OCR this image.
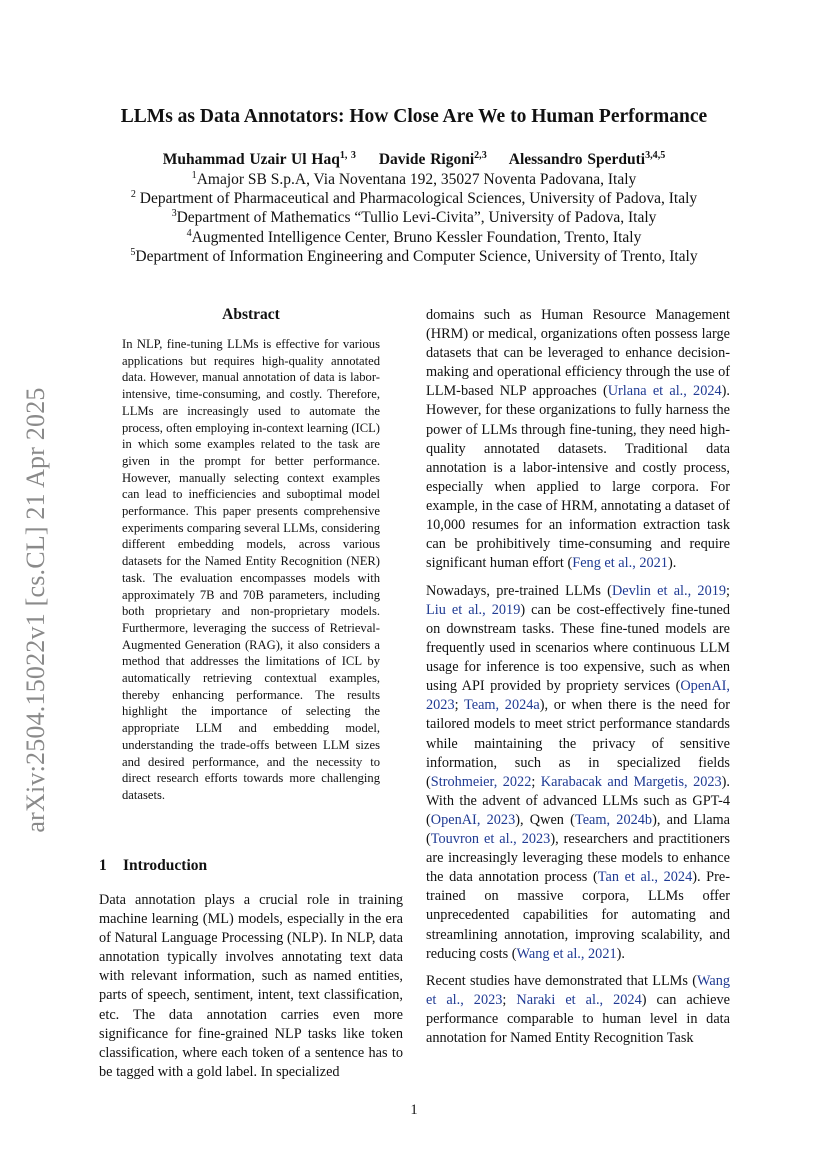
arXiv:2504.15022v1 [cs.CL] 21 Apr 2025
LLMs as Data Annotators: How Close Are We to Human Performance
Muhammad Uzair Ul Haq$^{1, 3}$ Davide Rigoni$^{2,3}$ Alessandro Sperduti$^{3,4,5}$
$^1$Amajor SB S.p.A, Via Noventana 192, 35027 Noventa Padovana, Italy
$^2$ Department of Pharmaceutical and Pharmacological Sciences, University of Padova, Italy
$^3$Department of Mathematics “Tullio Levi-Civita”, University of Padova, Italy
$^4$Augmented Intelligence Center, Bruno Kessler Foundation, Trento, Italy
$^5$Department of Information Engineering and Computer Science, University of Trento, Italy
Abstract
In NLP, fine-tuning LLMs is effective for various applications but requires high-quality annotated data. However, manual annotation of data is labor-intensive, time-consuming, and costly. Therefore, LLMs are increasingly used to automate the process, often employing in-context learning (ICL) in which some examples related to the task are given in the prompt for better performance. However, manually selecting context examples can lead to inefficiencies and suboptimal model performance. This paper presents comprehensive experiments comparing several LLMs, considering different embedding models, across various datasets for the Named Entity Recognition (NER) task. The evaluation encompasses models with approximately 7B and 70B parameters, including both proprietary and non-proprietary models. Furthermore, leveraging the success of Retrieval-Augmented Generation (RAG), it also considers a method that addresses the limitations of ICL by automatically retrieving contextual examples, thereby enhancing performance. The results highlight the importance of selecting the appropriate LLM and embedding model, understanding the trade-offs between LLM sizes and desired performance, and the necessity to direct research efforts towards more challenging datasets.
1 Introduction
Data annotation plays a crucial role in training machine learning (ML) models, especially in the era of Natural Language Processing (NLP). In NLP, data annotation typically involves annotating text data with relevant information, such as named entities, parts of speech, sentiment, intent, text classification, etc. The data annotation carries even more significance for fine-grained NLP tasks like token classification, where each token of a sentence has to be tagged with a gold label. In specialized

domains such as Human Resource Management (HRM) or medical, organizations often possess large datasets that can be leveraged to enhance decision-making and operational efficiency through the use of LLM-based NLP approaches (Urlana et al., 2024). However, for these organizations to fully harness the power of LLMs through fine-tuning, they need high-quality annotated datasets. Traditional data annotation is a labor-intensive and costly process, especially when applied to large corpora. For example, in the case of HRM, annotating a dataset of 10,000 resumes for an information extraction task can be prohibitively time-consuming and require significant human effort (Feng et al., 2021).

Nowadays, pre-trained LLMs (Devlin et al., 2019; Liu et al., 2019) can be cost-effectively fine-tuned on downstream tasks. These fine-tuned models are frequently used in scenarios where continuous LLM usage for inference is too expensive, such as when using API provided by propriety services (OpenAI, 2023; Team, 2024a), or when there is the need for tailored models to meet strict performance standards while maintaining the privacy of sensitive information, such as in specialized fields (Strohmeier, 2022; Karabacak and Margetis, 2023). With the advent of advanced LLMs such as GPT-4 (OpenAI, 2023), Qwen (Team, 2024b), and Llama (Touvron et al., 2023), researchers and practitioners are increasingly leveraging these models to enhance the data annotation process (Tan et al., 2024). Pre-trained on massive corpora, LLMs offer unprecedented capabilities for automating and streamlining annotation, improving scalability, and reducing costs (Wang et al., 2021).

Recent studies have demonstrated that LLMs (Wang et al., 2023; Naraki et al., 2024) can achieve performance comparable to human level in data annotation for Named Entity Recognition Task

1
